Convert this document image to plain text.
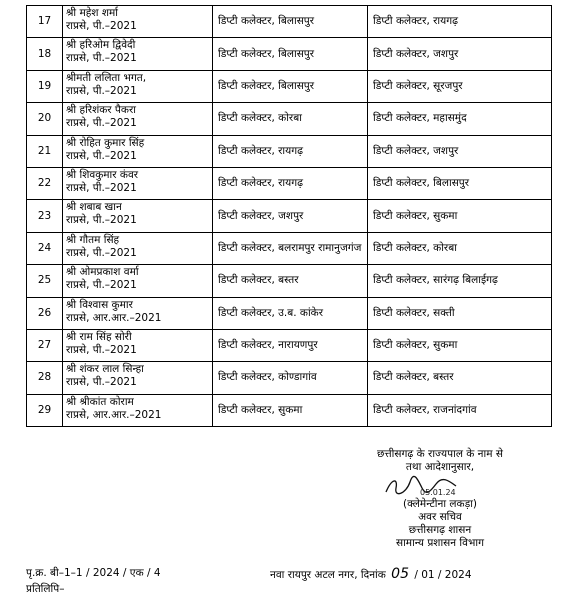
17	श्री महेश शर्मा
राप्रसे, पी.–2021	डिप्टी कलेक्टर, बिलासपुर	डिप्टी कलेक्टर, रायगढ़
18	श्री हरिओम द्विवेदी
राप्रसे, पी.–2021	डिप्टी कलेक्टर, बिलासपुर	डिप्टी कलेक्टर, जशपुर
19	श्रीमती ललिता भगत,
राप्रसे, पी.–2021	डिप्टी कलेक्टर, बिलासपुर	डिप्टी कलेक्टर, सूरजपुर
20	श्री हरिशंकर पैकरा
राप्रसे, पी.–2021	डिप्टी कलेक्टर, कोरबा	डिप्टी कलेक्टर, महासमुंद
21	श्री रोहित कुमार सिंह
राप्रसे, पी.–2021	डिप्टी कलेक्टर, रायगढ़	डिप्टी कलेक्टर, जशपुर
22	श्री शिवकुमार कंवर
राप्रसे, पी.–2021	डिप्टी कलेक्टर, रायगढ़	डिप्टी कलेक्टर, बिलासपुर
23	श्री शबाब खान
राप्रसे, पी.–2021	डिप्टी कलेक्टर, जशपुर	डिप्टी कलेक्टर, सुकमा
24	श्री गौतम सिंह
राप्रसे, पी.–2021	डिप्टी कलेक्टर, बलरामपुर रामानुजगंज	डिप्टी कलेक्टर, कोरबा
25	श्री ओमप्रकाश वर्मा
राप्रसे, पी.–2021	डिप्टी कलेक्टर, बस्तर	डिप्टी कलेक्टर, सारंगढ़ बिलाईगढ़
26	श्री विश्वास कुमार
राप्रसे, आर.आर.–2021	डिप्टी कलेक्टर, उ.ब. कांकेर	डिप्टी कलेक्टर, सक्ती
27	श्री राम सिंह सोरी
राप्रसे, पी.–2021	डिप्टी कलेक्टर, नारायणपुर	डिप्टी कलेक्टर, सुकमा
28	श्री शंकर लाल सिन्हा
राप्रसे, पी.–2021	डिप्टी कलेक्टर, कोण्डागांव	डिप्टी कलेक्टर, बस्तर
29	श्री श्रीकांत कोराम
राप्रसे, आर.आर.–2021	डिप्टी कलेक्टर, सुकमा	डिप्टी कलेक्टर, राजनांदगांव
छत्तीसगढ़ के राज्यपाल के नाम से
तथा आदेशानुसार,
05.01.24
(क्लेमेन्टीना लकड़ा)
अवर सचिव
छत्तीसगढ़ शासन
सामान्य प्रशासन विभाग
पृ.क्र. बी–1–1 / 2024 / एक / 4	नवा रायपुर अटल नगर, दिनांक 05 / 01 / 2024
प्रतिलिपि–
